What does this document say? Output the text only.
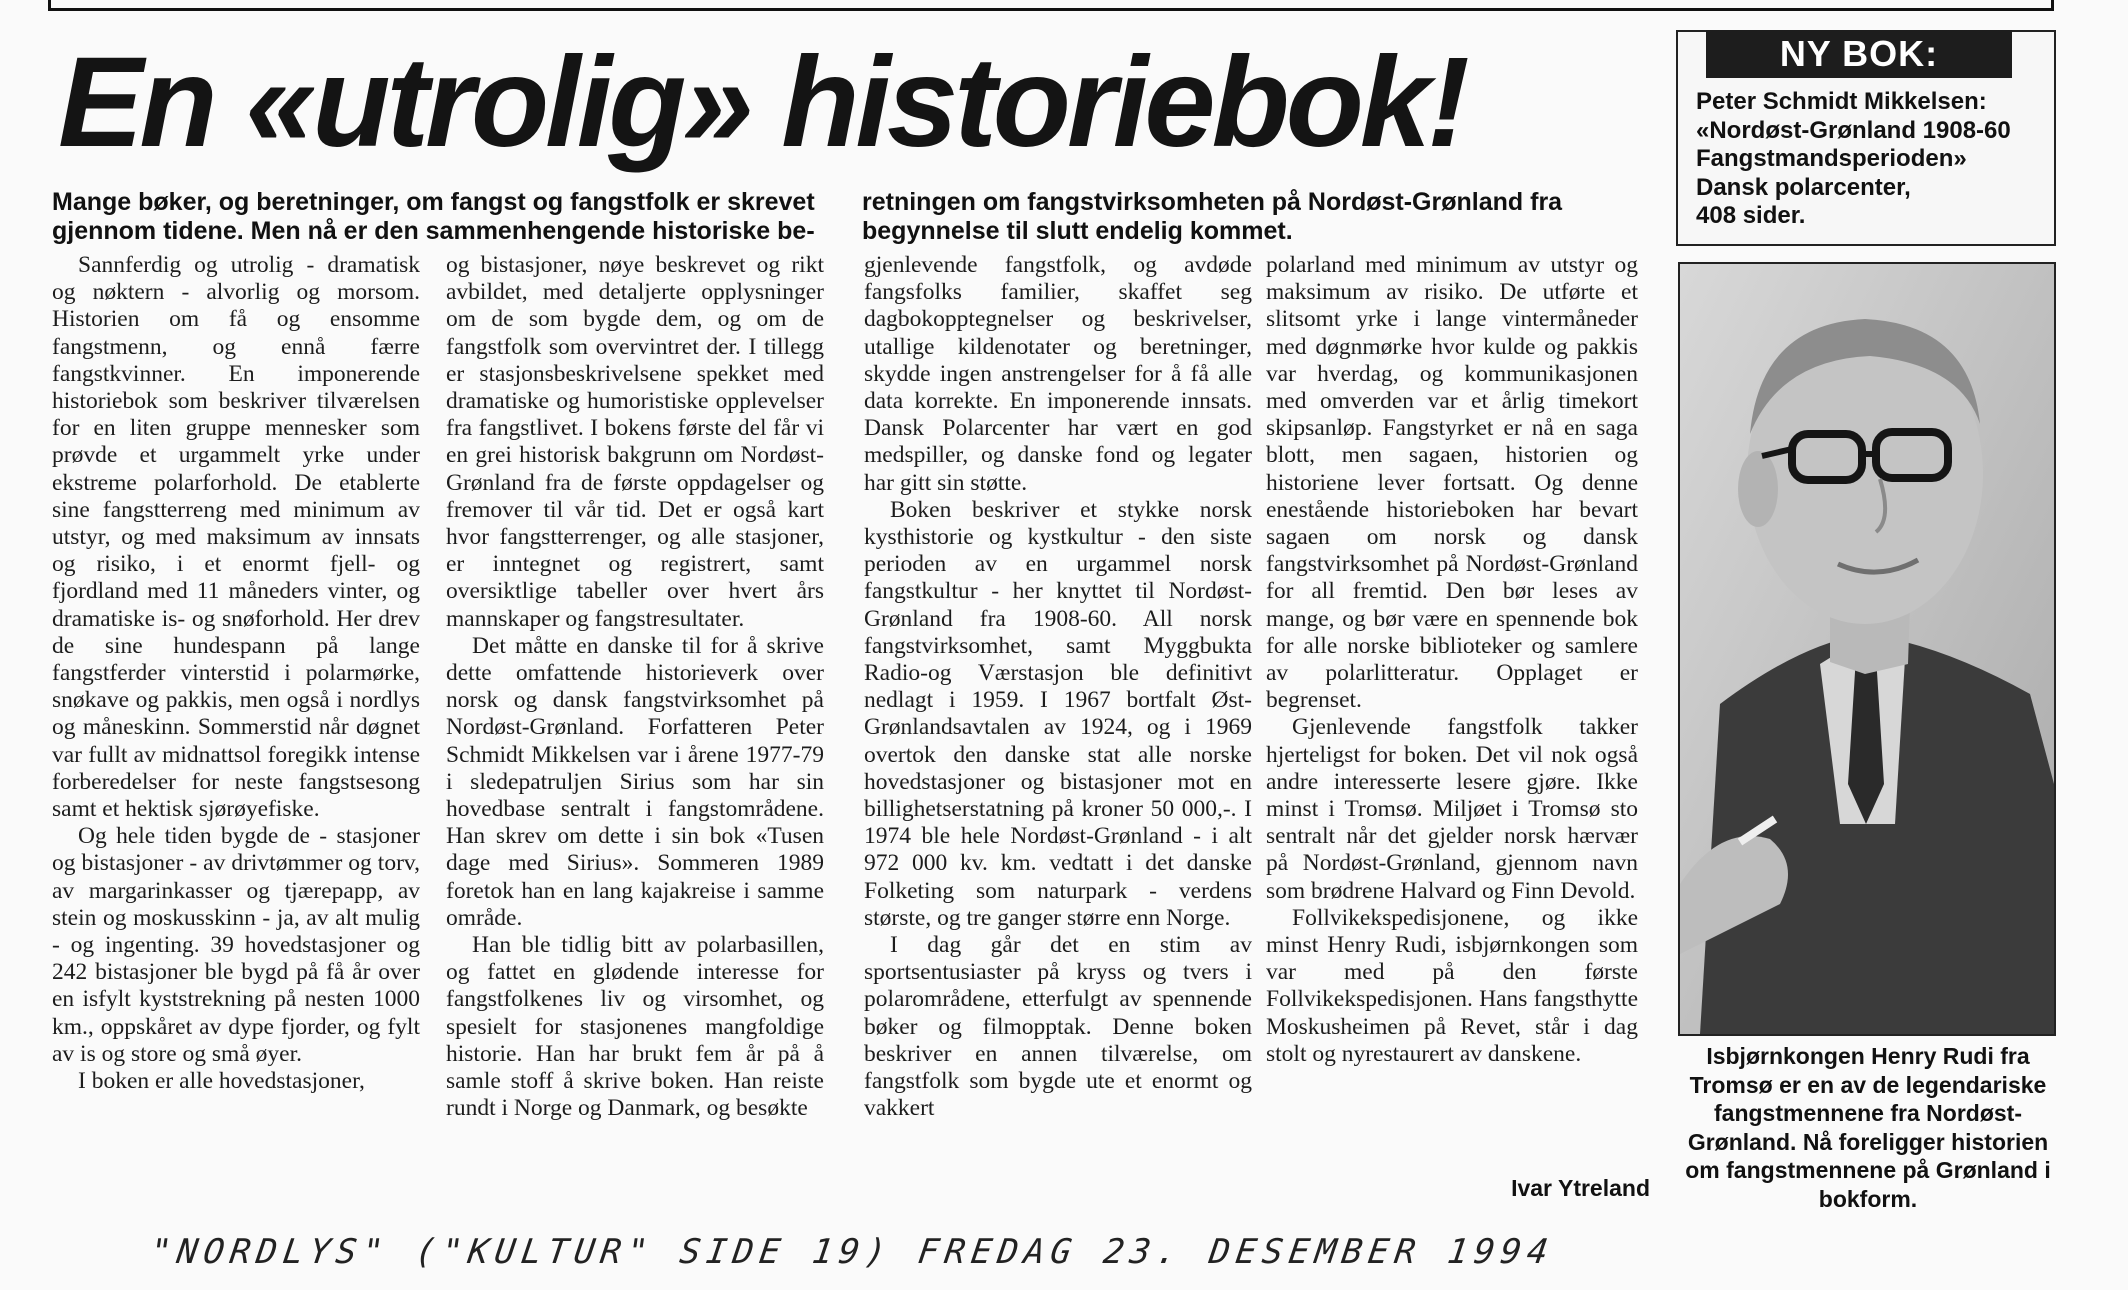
En «utrolig» historiebok!
Mange bøker, og beretninger, om fangst og fangstfolk er skrevet gjennom tidene. Men nå er den sammenhengende historiske be-
retningen om fangstvirksomheten på Nordøst-Grønland fra begynnelse til slutt endelig kommet.

Sannferdig og utrolig - dramatisk og nøktern - alvorlig og morsom. Historien om få og ensomme fangstmenn, og ennå færre fangstkvinner. En imponerende historiebok som beskriver tilværelsen for en liten gruppe mennesker som prøvde et urgammelt yrke under ekstreme polarforhold. De etablerte sine fangstterreng med minimum av utstyr, og med maksimum av innsats og risiko, i et enormt fjell- og fjordland med 11 måneders vinter, og dramatiske is- og snøforhold. Her drev de sine hundespann på lange fangstferder vinterstid i polarmørke, snøkave og pakkis, men også i nordlys og måneskinn. Sommerstid når døgnet var fullt av midnattsol foregikk intense forberedelser for neste fangstsesong samt et hektisk sjørøyefiske.

Og hele tiden bygde de - stasjoner og bistasjoner - av drivtømmer og torv, av margarinkasser og tjærepapp, av stein og moskusskinn - ja, av alt mulig - og ingenting. 39 hovedstasjoner og 242 bistasjoner ble bygd på få år over en isfylt kyststrekning på nesten 1000 km., oppskåret av dype fjorder, og fylt av is og store og små øyer.

I boken er alle hovedstasjoner,

og bistasjoner, nøye beskrevet og rikt avbildet, med detaljerte opplysninger om de som bygde dem, og om de fangstfolk som overvintret der. I tillegg er stasjonsbeskrivelsene spekket med dramatiske og humoristiske opplevelser fra fangstlivet. I bokens første del får vi en grei historisk bakgrunn om Nordøst-Grønland fra de første oppdagelser og fremover til vår tid. Det er også kart hvor fangstterrenger, og alle stasjoner, er inntegnet og registrert, samt oversiktlige tabeller over hvert års mannskaper og fangstresultater.

Det måtte en danske til for å skrive dette omfattende historieverk over norsk og dansk fangstvirksomhet på Nordøst-Grønland. Forfatteren Peter Schmidt Mikkelsen var i årene 1977-79 i sledepatruljen Sirius som har sin hovedbase sentralt i fangstområdene. Han skrev om dette i sin bok «Tusen dage med Sirius». Sommeren 1989 foretok han en lang kajakreise i samme område.

Han ble tidlig bitt av polarbasillen, og fattet en glødende interesse for fangstfolkenes liv og virsomhet, og spesielt for stasjonenes mangfoldige historie. Han har brukt fem år på å samle stoff å skrive boken. Han reiste rundt i Norge og Danmark, og besøkte

gjenlevende fangstfolk, og avdøde fangsfolks familier, skaffet seg dagbokopptegnelser og beskrivelser, utallige kildenotater og beretninger, skydde ingen anstrengelser for å få alle data korrekte. En imponerende innsats. Dansk Polarcenter har vært en god medspiller, og danske fond og legater har gitt sin støtte.

Boken beskriver et stykke norsk kysthistorie og kystkultur - den siste perioden av en urgammel norsk fangstkultur - her knyttet til Nordøst-Grønland fra 1908-60. All norsk fangstvirksomhet, samt Myggbukta Radio-og Værstasjon ble definitivt nedlagt i 1959. I 1967 bortfalt Øst-Grønlandsavtalen av 1924, og i 1969 overtok den danske stat alle norske hovedstasjoner og bistasjoner mot en billighetserstatning på kroner 50 000,-. I 1974 ble hele Nordøst-Grønland - i alt 972 000 kv. km. vedtatt i det danske Folketing som naturpark - verdens største, og tre ganger større enn Norge.

I dag går det en stim av sportsentusiaster på kryss og tvers i polarområdene, etterfulgt av spennende bøker og filmopptak. Denne boken beskriver en annen tilværelse, om fangstfolk som bygde ute et enormt og vakkert

polarland med minimum av utstyr og maksimum av risiko. De utførte et slitsomt yrke i lange vintermåneder med døgnmørke hvor kulde og pakkis var hverdag, og kommunikasjonen med omverden var et årlig timekort skipsanløp. Fangstyrket er nå en saga blott, men sagaen, historien og historiene lever fortsatt. Og denne enestående historieboken har bevart sagaen om norsk og dansk fangstvirksomhet på Nordøst-Grønland for all fremtid. Den bør leses av mange, og bør være en spennende bok for alle norske biblioteker og samlere av polarlitteratur. Opplaget er begrenset.

Gjenlevende fangstfolk takker hjerteligst for boken. Det vil nok også andre interesserte lesere gjøre. Ikke minst i Tromsø. Miljøet i Tromsø sto sentralt når det gjelder norsk hærvær på Nordøst-Grønland, gjennom navn som brødrene Halvard og Finn Devold.

Follvikekspedisjonene, og ikke minst Henry Rudi, isbjørnkongen som var med på den første Follvikekspedisjonen. Hans fangsthytte Moskusheimen på Revet, står i dag stolt og nyrestaurert av danskene.

Ivar Ytreland
NY BOK:
Peter Schmidt Mikkelsen:
«Nordøst-Grønland 1908-60
Fangstmandsperioden»
Dansk polarcenter,
408 sider.
Isbjørnkongen Henry Rudi fra Tromsø er en av de legendariske fangstmennene fra Nordøst-Grønland. Nå foreligger historien om fangstmennene på Grønland i bokform.
"NORDLYS" ("KULTUR" SIDE 19) FREDAG 23. DESEMBER 1994
